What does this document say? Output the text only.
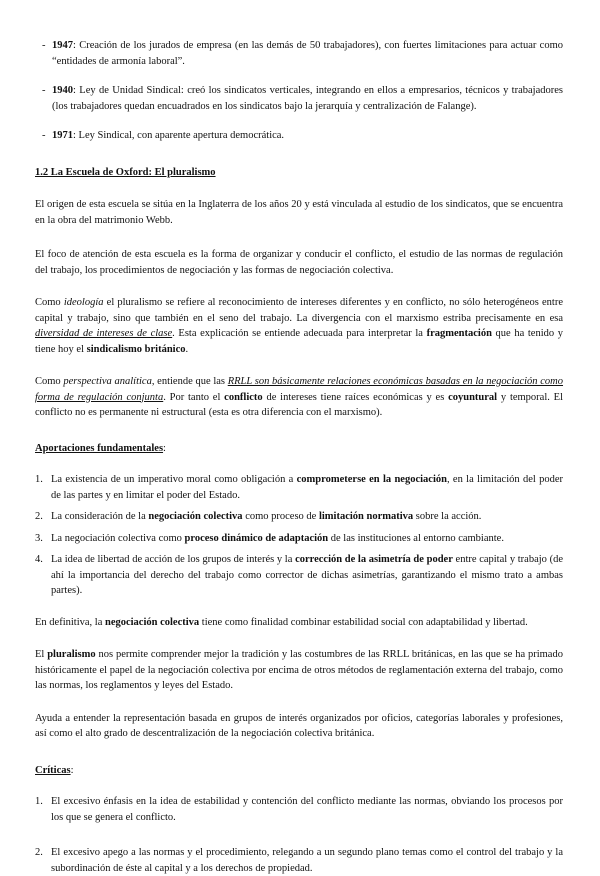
- 1947: Creación de los jurados de empresa (en las demás de 50 trabajadores), con fuertes limitaciones para actuar como “entidades de armonía laboral”.
- 1940: Ley de Unidad Sindical: creó los sindicatos verticales, integrando en ellos a empresarios, técnicos y trabajadores (los trabajadores quedan encuadrados en los sindicatos bajo la jerarquía y centralización de Falange).
- 1971: Ley Sindical, con aparente apertura democrática.
1.2 La Escuela de Oxford: El pluralismo

El origen de esta escuela se sitúa en la Inglaterra de los años 20 y está vinculada al estudio de los sindicatos, que se encuentra en la obra del matrimonio Webb.

El foco de atención de esta escuela es la forma de organizar y conducir el conflicto, el estudio de las normas de regulación del trabajo, los procedimientos de negociación y las formas de negociación colectiva.

Como ideología el pluralismo se refiere al reconocimiento de intereses diferentes y en conflicto, no sólo heterogéneos entre capital y trabajo, sino que también en el seno del trabajo. La divergencia con el marxismo estriba precisamente en esa diversidad de intereses de clase. Esta explicación se entiende adecuada para interpretar la fragmentación que ha tenido y tiene hoy el sindicalismo británico.

Como perspectiva analítica, entiende que las RRLL son básicamente relaciones económicas basadas en la negociación como forma de regulación conjunta. Por tanto el conflicto de intereses tiene raíces económicas y es coyuntural y temporal. El conflicto no es permanente ni estructural (esta es otra diferencia con el marxismo).

Aportaciones fundamentales:

1. La existencia de un imperativo moral como obligación a comprometerse en la negociación, en la limitación del poder de las partes y en limitar el poder del Estado.
2. La consideración de la negociación colectiva como proceso de limitación normativa sobre la acción.
3. La negociación colectiva como proceso dinámico de adaptación de las instituciones al entorno cambiante.
4. La idea de libertad de acción de los grupos de interés y la corrección de la asimetría de poder entre capital y trabajo (de ahí la importancia del derecho del trabajo como corrector de dichas asimetrías, garantizando el mismo trato a ambas partes).

En definitiva, la negociación colectiva tiene como finalidad combinar estabilidad social con adaptabilidad y libertad.

El pluralismo nos permite comprender mejor la tradición y las costumbres de las RRLL británicas, en las que se ha primado históricamente el papel de la negociación colectiva por encima de otros métodos de reglamentación externa del trabajo, como las normas, los reglamentos y leyes del Estado.

Ayuda a entender la representación basada en grupos de interés organizados por oficios, categorías laborales y profesiones, así como el alto grado de descentralización de la negociación colectiva británica.

Críticas:

1. El excesivo énfasis en la idea de estabilidad y contención del conflicto mediante las normas, obviando los procesos por los que se genera el conflicto.
2. El excesivo apego a las normas y el procedimiento, relegando a un segundo plano temas como el control del trabajo y la subordinación de éste al capital y a los derechos de propiedad.
